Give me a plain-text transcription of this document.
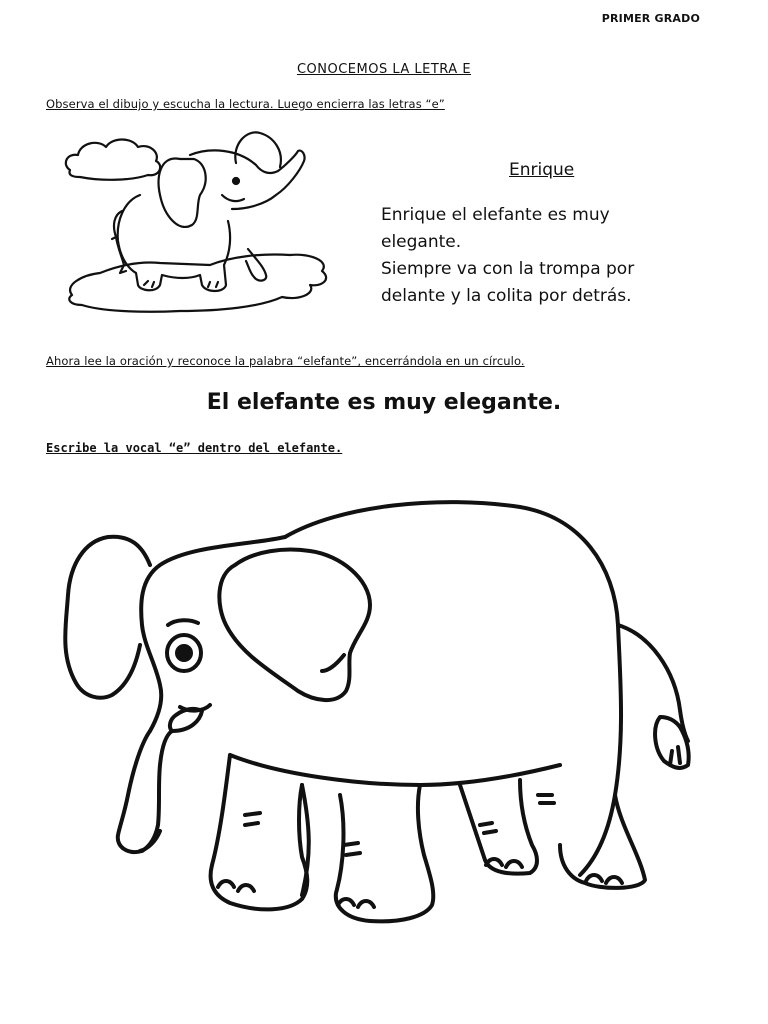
PRIMER GRADO
CONOCEMOS LA LETRA E
Observa el dibujo y escucha la lectura. Luego encierra las letras “e”
Enrique
Enrique el elefante es muy
elegante.
Siempre va con la trompa por
delante y la colita por detrás.
Ahora lee la oración y reconoce la palabra “elefante”, encerrándola en un círculo.
El elefante es muy elegante.
Escribe la vocal “e” dentro del elefante.
